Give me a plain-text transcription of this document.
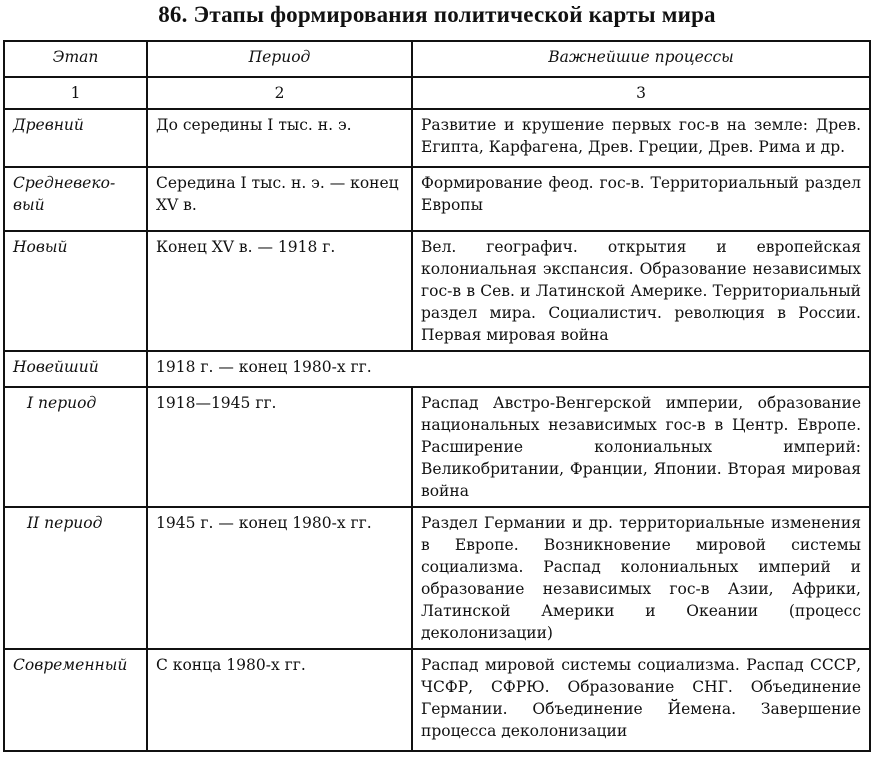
86. Этапы формирования политической карты мира
Этап	Период	Важнейшие процессы
1	2	3
Древний	До середины I тыс. н. э.	Развитие и крушение первых гос-в на земле: Древ. Египта, Карфагена, Древ. Греции, Древ. Рима и др.
Средневеко-вый	Середина I тыс. н. э. — конец XV в.	Формирование феод. гос-в. Территориальный раздел Европы
Новый	Конец XV в. — 1918 г.	Вел. географич. открытия и европейская колониальная экспансия. Образование независимых гос-в в Сев. и Латинской Америке. Территориальный раздел мира. Социалистич. революция в России. Первая мировая война
Новейший	1918 г. — конец 1980-х гг.	
I период	1918—1945 гг.	Распад Австро-Венгерской империи, образование национальных независимых гос-в в Центр. Европе. Расширение колониальных империй: Великобритании, Франции, Японии. Вторая мировая война
II период	1945 г. — конец 1980-х гг.	Раздел Германии и др. территориальные изменения в Европе. Возникновение мировой системы социализма. Распад колониальных империй и образование независимых гос-в Азии, Африки, Латинской Америки и Океании (процесс деколонизации)
Современный	С конца 1980-х гг.	Распад мировой системы социализма. Распад СССР, ЧСФР, СФРЮ. Образование СНГ. Объединение Германии. Объединение Йемена. Завершение процесса деколонизации
